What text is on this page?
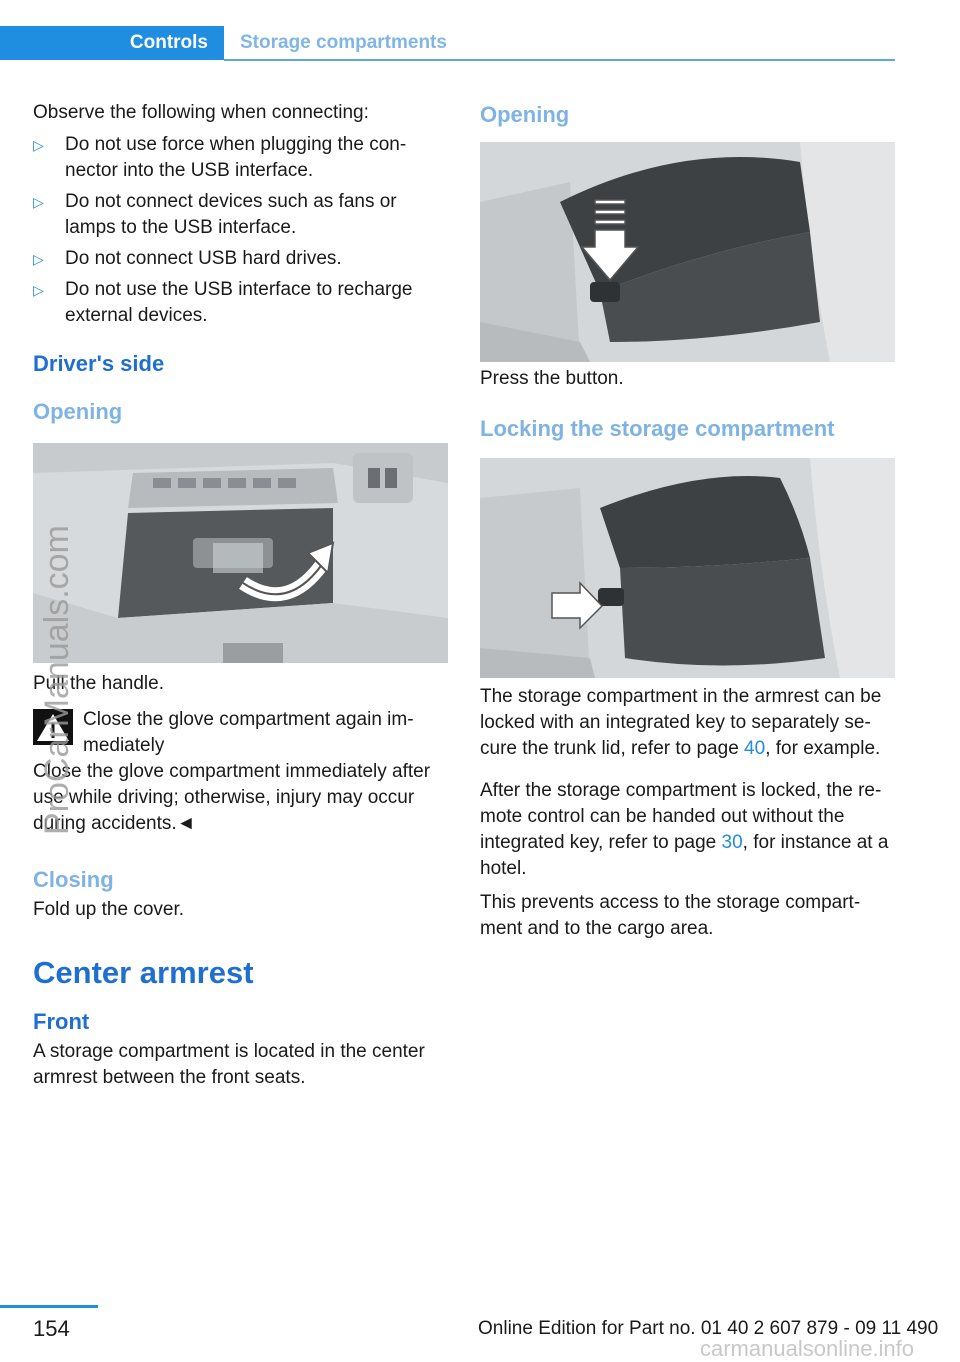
Controls	Storage compartments

Observe the following when connecting:

▷ Do not use force when plugging the con-nector into the USB interface.
▷ Do not connect devices such as fans or lamps to the USB interface.
▷ Do not connect USB hard drives.
▷ Do not use the USB interface to recharge external devices.
Driver's side
Opening

Pull the handle.

Close the glove compartment again im-mediately

Close the glove compartment immediately after use while driving; otherwise, injury may occur during accidents.◄

Closing

Fold up the cover.

Center armrest
Front

A storage compartment is located in the center armrest between the front seats.

Opening

Press the button.

Locking the storage compartment

The storage compartment in the armrest can be locked with an integrated key to separately se-cure the trunk lid, refer to page 40, for example.

After the storage compartment is locked, the re-mote control can be handed out without the integrated key, refer to page 30, for instance at a hotel.

This prevents access to the storage compart-ment and to the cargo area.

154	Online Edition for Part no. 01 40 2 607 879 - 09 11 490
ProCarManuals.com
carmanualsonline.info
